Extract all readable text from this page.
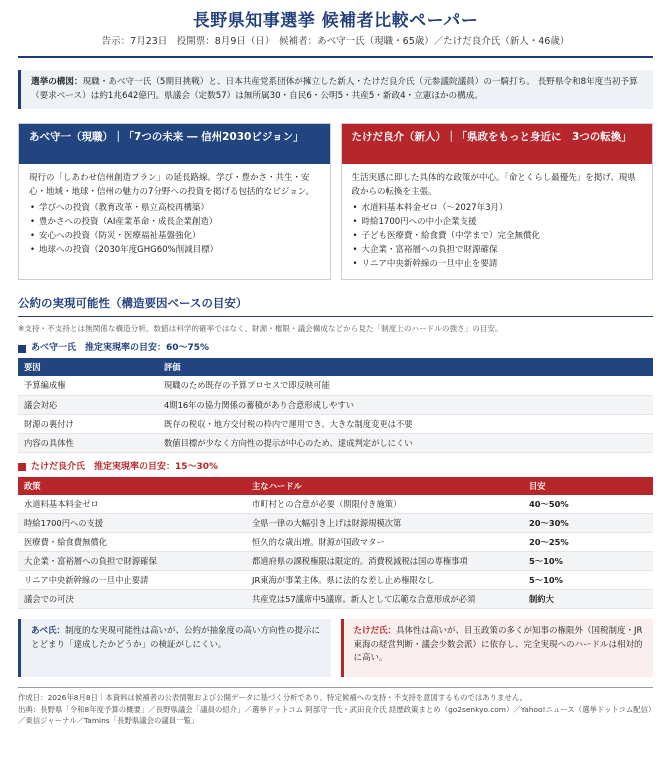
長野県知事選挙 候補者比較ペーパー
告示：7月23日　投開票：8月9日（日）　候補者：あべ守一氏（現職・65歳）／たけだ良介氏（新人・46歳）
選挙の構図：現職・あべ守一氏（5期目挑戦）と、日本共産党系団体が擁立した新人・たけだ良介氏（元参議院議員）の一騎打ち。 長野県令和8年度当初予算（要求ベース）は約1兆642億円。県議会（定数57）は無所属30・自民6・公明5・共産5・新政4・立憲ほかの構成。
あべ守一（現職）｜「7つの未来 ― 信州2030ビジョン」
現行の「しあわせ信州創造プラン」の延長路線。学び・豊かさ・共生・安心・地域・地球・信州の魅力の7分野への投資を掲げる包括的なビジョン。
• 学びへの投資（教育改革・県立高校再構築）
• 豊かさへの投資（AI産業革命・成長企業創造）
• 安心への投資（防災・医療福祉基盤強化）
• 地球への投資（2030年度GHG60%削減目標）
たけだ良介（新人）｜「県政をもっと身近に　3つの転換」
生活実感に即した具体的な政策が中心。「命とくらし最優先」を掲げ、現県政からの転換を主張。
• 水道料基本料金ゼロ（〜2027年3月）
• 時給1700円への中小企業支援
• 子ども医療費・給食費（中学まで）完全無償化
• 大企業・富裕層への負担で財源確保
• リニア中央新幹線の一旦中止を要請
公約の実現可能性（構造要因ベースの目安）
※支持・不支持とは無関係な構造分析。数値は科学的確率ではなく、財源・権限・議会構成などから見た「制度上のハードルの強さ」の目安。
あべ守一氏　推定実現率の目安：60〜75%
要因	評価
予算編成権	現職のため既存の予算プロセスで即反映可能
議会対応	4期16年の協力関係の蓄積があり合意形成しやすい
財源の裏付け	既存の税収・地方交付税の枠内で運用でき、大きな制度変更は不要
内容の具体性	数値目標が少なく方向性の提示が中心のため、達成判定がしにくい
たけだ良介氏　推定実現率の目安：15〜30%
政策	主なハードル	目安
水道料基本料金ゼロ	市町村との合意が必要（期限付き施策）	40〜50%
時給1700円への支援	全県一律の大幅引き上げは財源規模次第	20〜30%
医療費・給食費無償化	恒久的な歳出増。財源が国政マター	20〜25%
大企業・富裕層への負担で財源確保	都道府県の課税権限は限定的。消費税減税は国の専権事項	5〜10%
リニア中央新幹線の一旦中止要請	JR東海が事業主体。県に法的な差し止め権限なし	5〜10%
議会での可決	共産党は57議席中5議席。新人として広範な合意形成が必須	制約大
あべ氏：制度的な実現可能性は高いが、公約が抽象度の高い方向性の提示にとどまり「達成したかどうか」の検証がしにくい。
たけだ氏：具体性は高いが、目玉政策の多くが知事の権限外（国税制度・JR東海の経営判断・議会少数会派）に依存し、完全実現へのハードルは相対的に高い。
作成日：2026年8月8日｜本資料は候補者の公表情報および公開データに基づく分析であり、特定候補への支持・不支持を意図するものではありません。
出典：長野県「令和8年度予算の概要」／長野県議会「議員の紹介」／選挙ドットコム 阿部守一氏・武田良介氏 経歴政策まとめ（go2senkyo.com）／Yahoo!ニュース（選挙ドットコム配信）／東信ジャーナル／Tamins「長野県議会の議員一覧」
